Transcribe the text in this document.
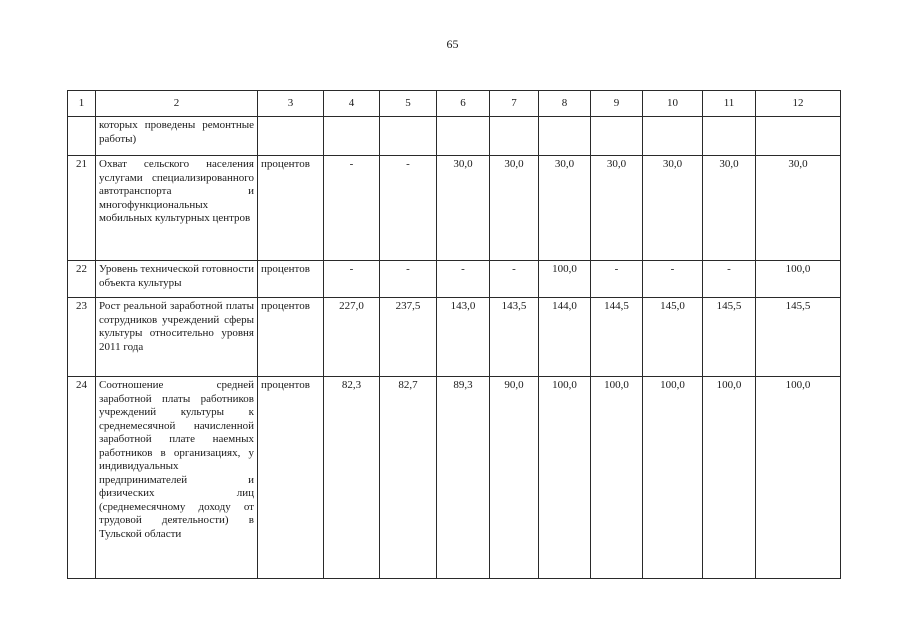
65
1	2	3	4	5	6	7	8	9	10	11	12
	которых проведены ремонтные работы)										
21	Охват сельского населения услугами специализированного автотранспорта и многофункциональных мобильных культурных центров	процентов	-	-	30,0	30,0	30,0	30,0	30,0	30,0	30,0
22	Уровень технической готовности объекта культуры	процентов	-	-	-	-	100,0	-	-	-	100,0
23	Рост реальной заработной платы сотрудников учреждений сферы культуры относительно уровня 2011 года	процентов	227,0	237,5	143,0	143,5	144,0	144,5	145,0	145,5	145,5
24	Соотношение средней заработной платы работников учреждений культуры к среднемесячной начисленной заработной плате наемных работников в организациях, у индивидуальных предпринимателей и физических лиц (среднемесячному доходу от трудовой деятельности) в Тульской области	процентов	82,3	82,7	89,3	90,0	100,0	100,0	100,0	100,0	100,0
